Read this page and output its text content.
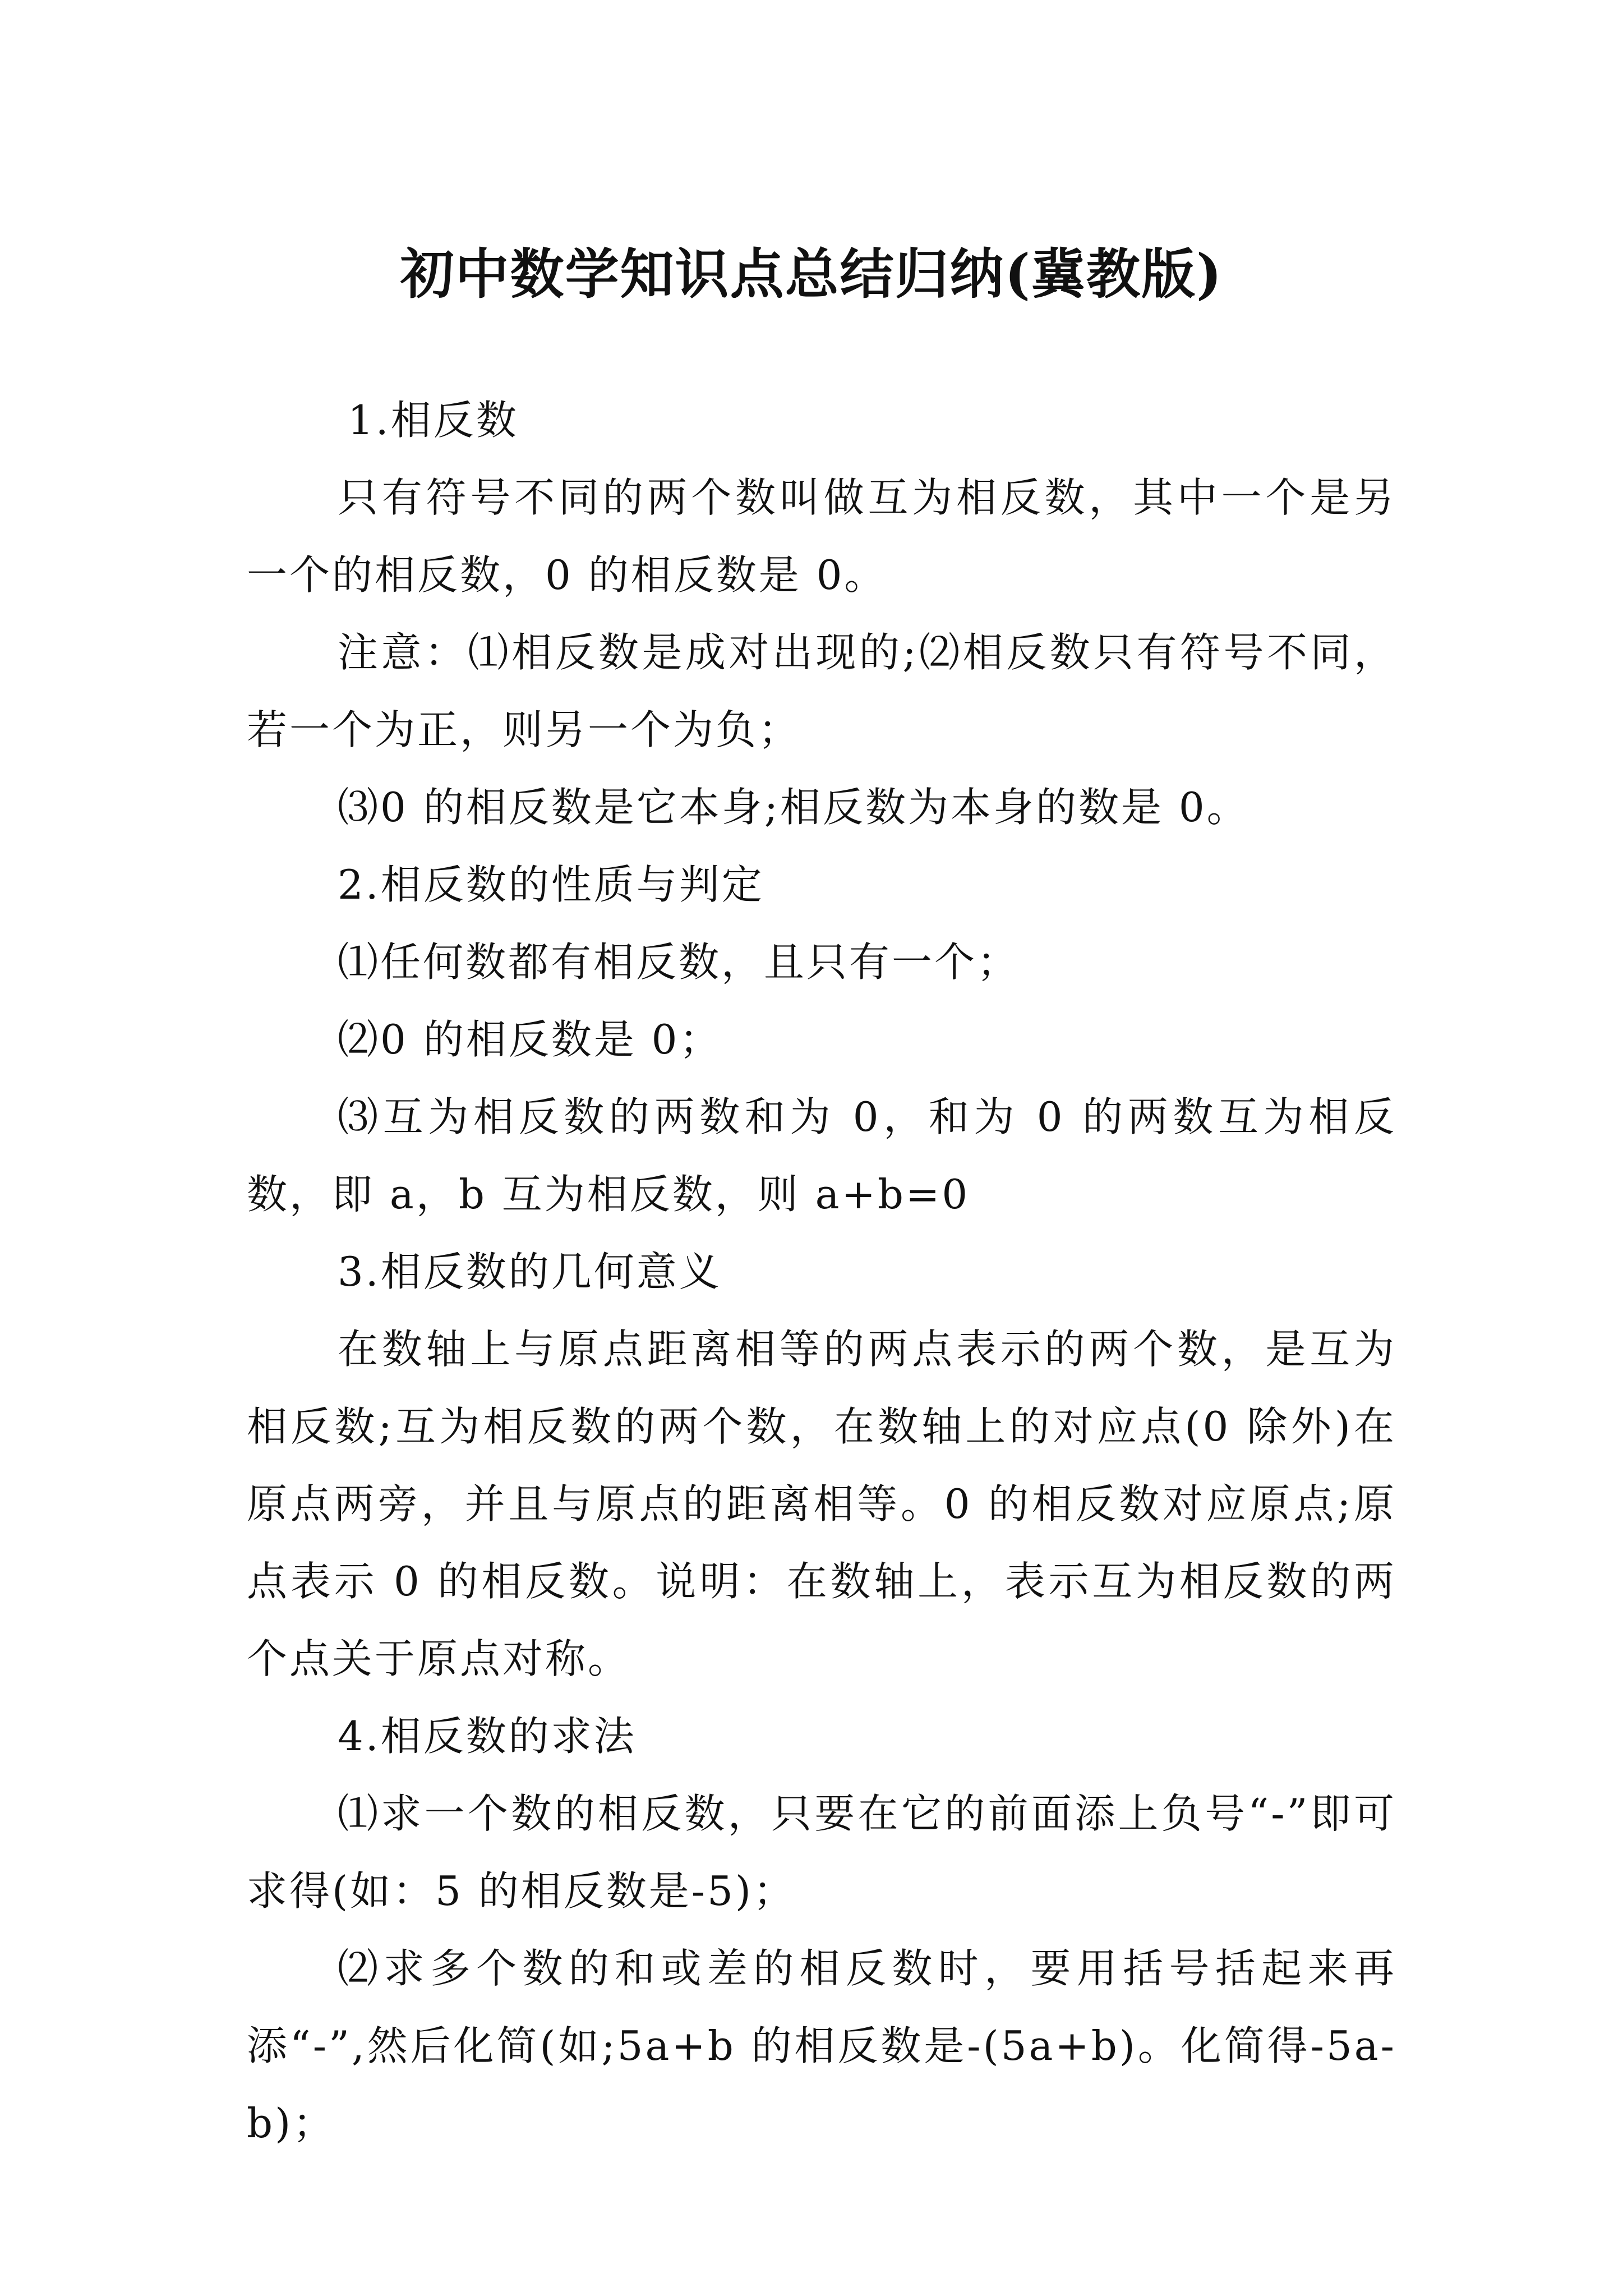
初中数学知识点总结归纳(冀教版)

1.相反数

只有符号不同的两个数叫做互为相反数，其中一个是另一个的相反数，0 的相反数是 0。

注意：⑴相反数是成对出现的;⑵相反数只有符号不同，若一个为正，则另一个为负；

⑶0 的相反数是它本身;相反数为本身的数是 0。

2.相反数的性质与判定

⑴任何数都有相反数，且只有一个；

⑵0 的相反数是 0；

⑶互为相反数的两数和为 0，和为 0 的两数互为相反数，即 a，b 互为相反数，则 a+b=0

3.相反数的几何意义

在数轴上与原点距离相等的两点表示的两个数，是互为相反数;互为相反数的两个数，在数轴上的对应点(0 除外)在原点两旁，并且与原点的距离相等。0 的相反数对应原点;原点表示 0 的相反数。说明：在数轴上，表示互为相反数的两个点关于原点对称。

4.相反数的求法

⑴求一个数的相反数，只要在它的前面添上负号“-”即可求得(如：5 的相反数是-5)；

⑵求多个数的和或差的相反数时，要用括号括起来再添“-”,然后化简(如;5a+b 的相反数是-(5a+b)。化简得-5a-b)；
